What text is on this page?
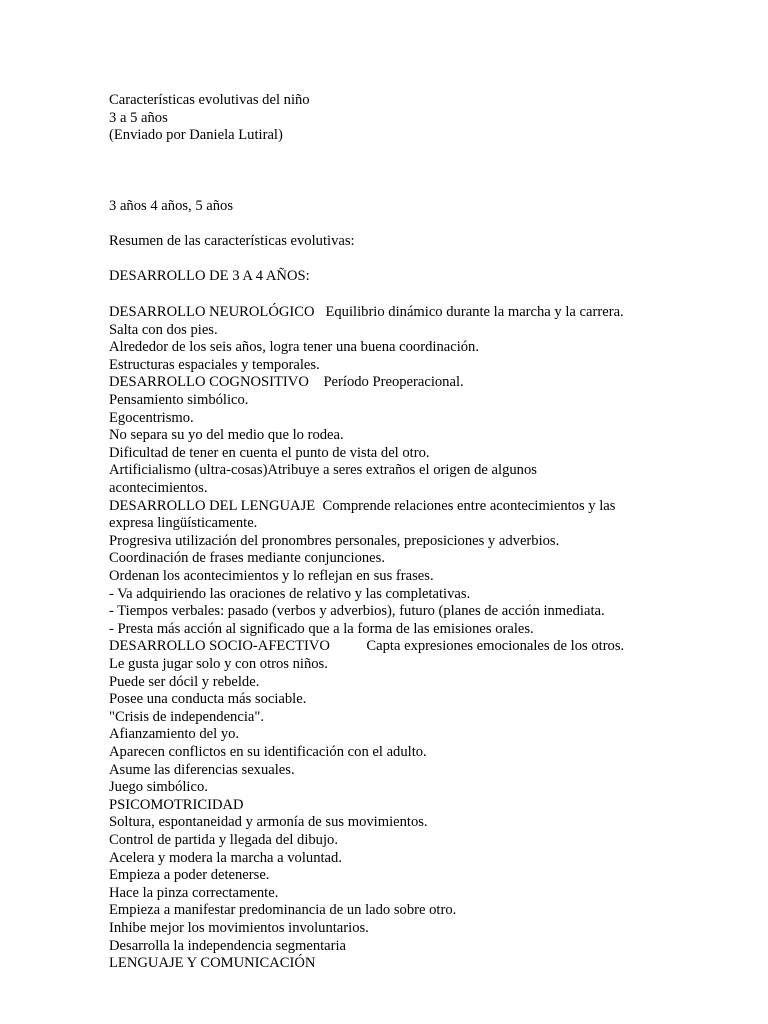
Características evolutivas del niño
3 a 5 años
(Enviado por Daniela Lutiral)
3 años 4 años, 5 años
Resumen de las características evolutivas:
DESARROLLO DE 3 A 4 AÑOS:
DESARROLLO NEUROLÓGICO   Equilibrio dinámico durante la marcha y la carrera.
Salta con dos pies.
Alrededor de los seis años, logra tener una buena coordinación.
Estructuras espaciales y temporales.
DESARROLLO COGNOSITIVO    Período Preoperacional.
Pensamiento simbólico.
Egocentrismo.
No separa su yo del medio que lo rodea.
Dificultad de tener en cuenta el punto de vista del otro.
Artificialismo (ultra-cosas)Atribuye a seres extraños el origen de algunos
acontecimientos.
DESARROLLO DEL LENGUAJE  Comprende relaciones entre acontecimientos y las
expresa lingüísticamente.
Progresiva utilización del pronombres personales, preposiciones y adverbios.
Coordinación de frases mediante conjunciones.
Ordenan los acontecimientos y lo reflejan en sus frases.
- Va adquiriendo las oraciones de relativo y las completativas.
- Tiempos verbales: pasado (verbos y adverbios), futuro (planes de acción inmediata.
- Presta más acción al significado que a la forma de las emisiones orales.
DESARROLLO SOCIO-AFECTIVO          Capta expresiones emocionales de los otros.
Le gusta jugar solo y con otros niños.
Puede ser dócil y rebelde.
Posee una conducta más sociable.
"Crisis de independencia".
Afianzamiento del yo.
Aparecen conflictos en su identificación con el adulto.
Asume las diferencias sexuales.
Juego simbólico.
PSICOMOTRICIDAD
Soltura, espontaneidad y armonía de sus movimientos.
Control de partida y llegada del dibujo.
Acelera y modera la marcha a voluntad.
Empieza a poder detenerse.
Hace la pinza correctamente.
Empieza a manifestar predominancia de un lado sobre otro.
Inhibe mejor los movimientos involuntarios.
Desarrolla la independencia segmentaria
LENGUAJE Y COMUNICACIÓN
